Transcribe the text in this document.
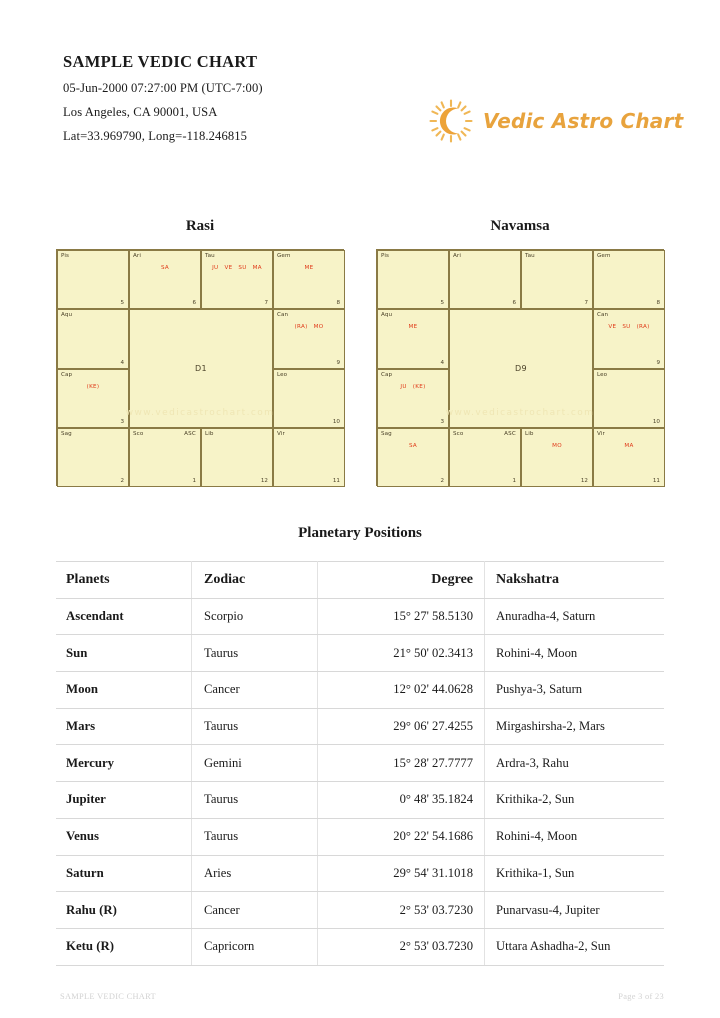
SAMPLE VEDIC CHART
05-Jun-2000 07:27:00 PM (UTC-7:00)
Los Angeles, CA 90001, USA
Lat=33.969790, Long=-118.246815
Vedic Astro Chart
Rasi	Navamsa
Pis
5
Ari
SA
6
Tau
JU VE SU MA
7
Gem
ME
8
Aqu
4
Can
(RA) MO
9
Cap
(KE)
3
Leo
10
Sag
2
Sco	ASC
1
Lib
12
Vir
11
D1
www.vedicastrochart.com
Pis
5
Ari
6
Tau
7
Gem
8
Aqu
ME
4
Can
VE SU (RA)
9
Cap
JU (KE)
3
Leo
10
Sag
SA
2
Sco	ASC
1
Lib
MO
12
Vir
MA
11
D9
www.vedicastrochart.com
Planetary Positions
Planets	Zodiac	Degree	Nakshatra
Ascendant	Scorpio	15° 27' 58.5130	Anuradha-4, Saturn
Sun	Taurus	21° 50' 02.3413	Rohini-4, Moon
Moon	Cancer	12° 02' 44.0628	Pushya-3, Saturn
Mars	Taurus	29° 06' 27.4255	Mirgashirsha-2, Mars
Mercury	Gemini	15° 28' 27.7777	Ardra-3, Rahu
Jupiter	Taurus	0° 48' 35.1824	Krithika-2, Sun
Venus	Taurus	20° 22' 54.1686	Rohini-4, Moon
Saturn	Aries	29° 54' 31.1018	Krithika-1, Sun
Rahu (R)	Cancer	2° 53' 03.7230	Punarvasu-4, Jupiter
Ketu (R)	Capricorn	2° 53' 03.7230	Uttara Ashadha-2, Sun
SAMPLE VEDIC CHART	Page 3 of 23
